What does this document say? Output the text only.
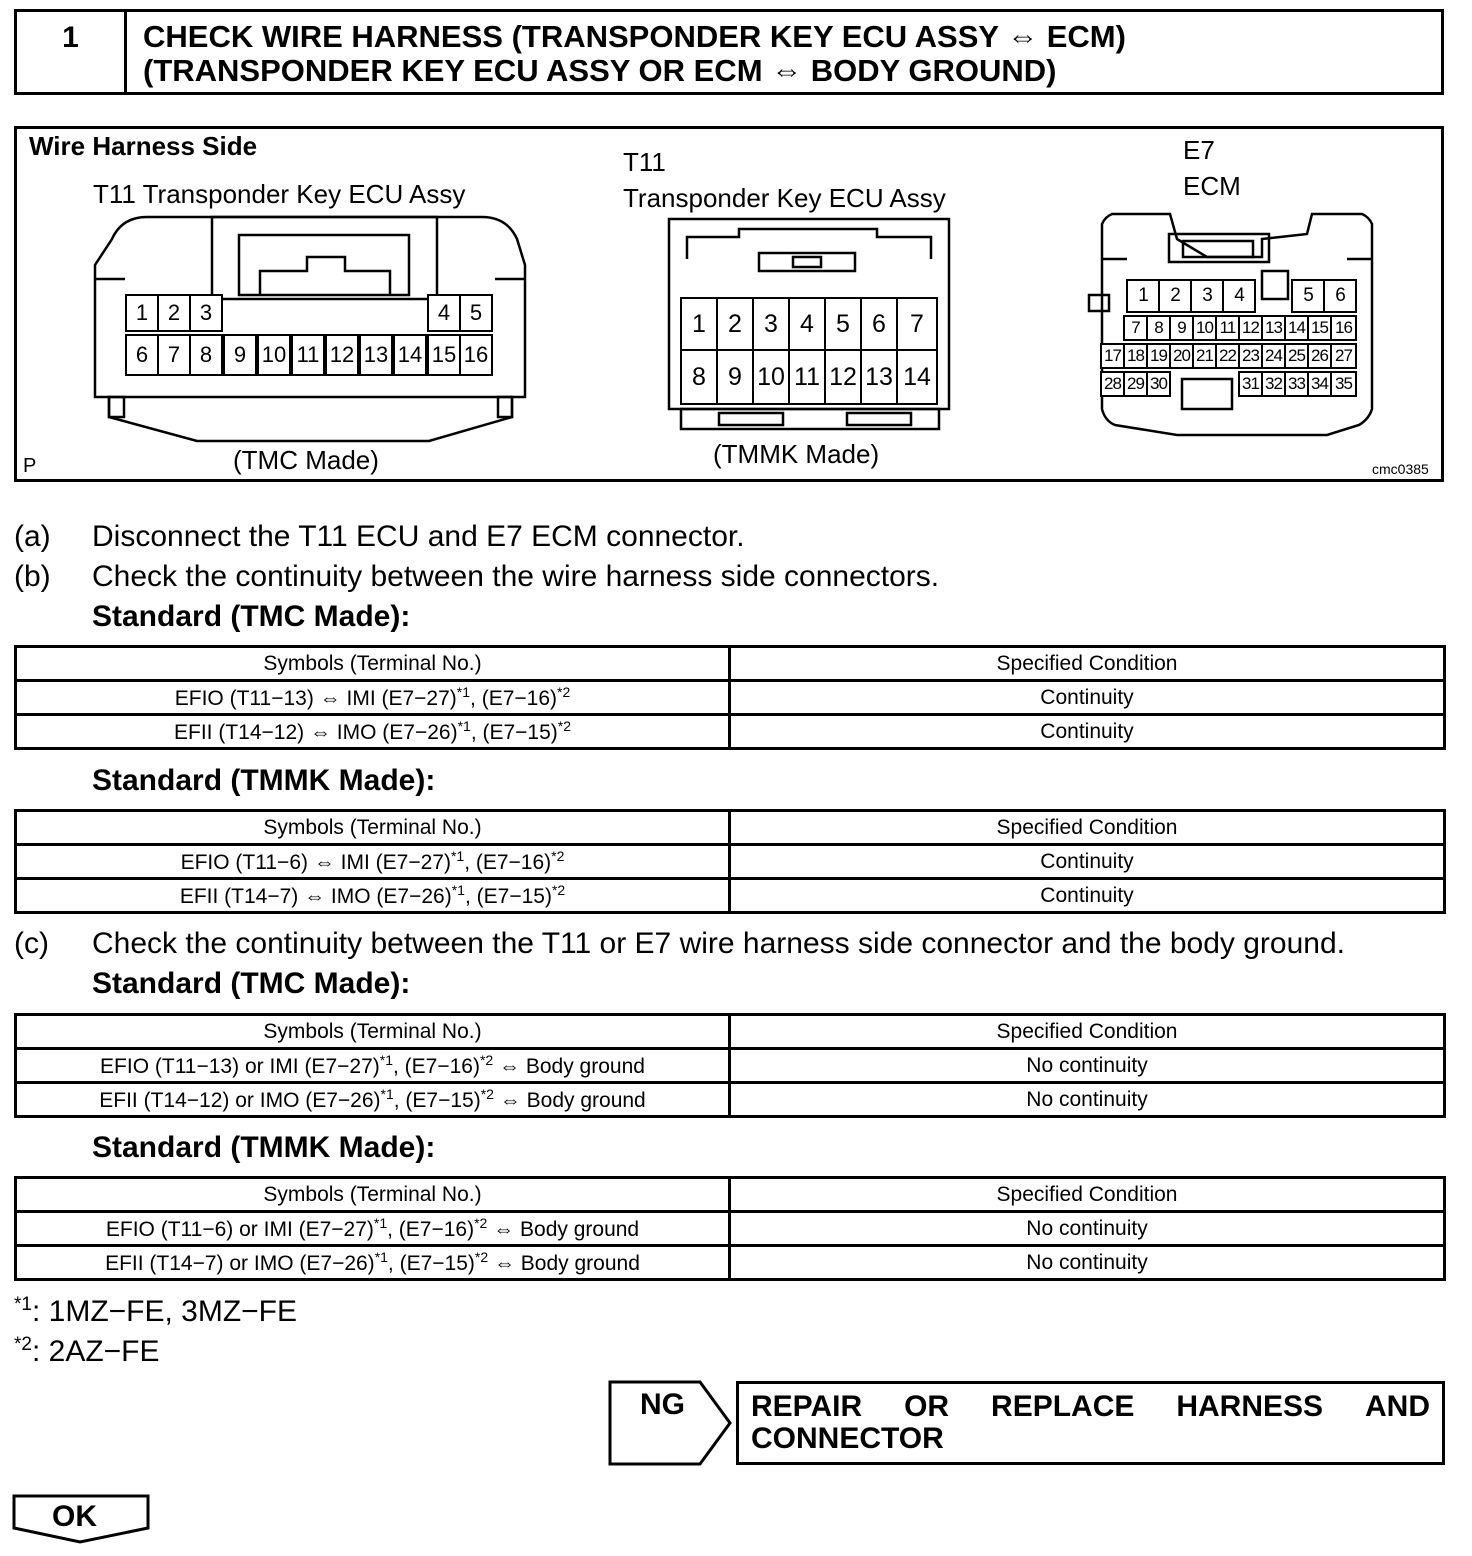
1	CHECK WIRE HARNESS (TRANSPONDER KEY ECU ASSY ⇔ ECM)
(TRANSPONDER KEY ECU ASSY OR ECM ⇔ BODY GROUND)
Wire Harness Side
T11 Transponder Key ECU Assy
T11
Transponder Key ECU Assy
E7
ECM
1 2 3	4 5
6 7 8 9 10 11 12 13 14 15 16
1 2 3 4 5 6 7
8 9 10 11 12 13 14
1	2	3	4	5	6
7 8 9 10 11 12 13 14 15 16
17 18 19 20 21 22 23 24 25 26 27
28 29 30	31 32 33 34 35
(TMC Made)	(TMMK Made)
P	cmc0385
(a) Disconnect the T11 ECU and E7 ECM connector.
(b) Check the continuity between the wire harness side connectors.
Standard (TMC Made):
Symbols (Terminal No.)	Specified Condition
EFIO (T11−13) ⇔ IMI $(E7-27)^{*1}$, $(E7-16)^{*2}$	Continuity
EFII (T14−12) ⇔ IMO $(E7-26)^{*1}$, $(E7-15)^{*2}$	Continuity
Standard (TMMK Made):
Symbols (Terminal No.)	Specified Condition
EFIO (T11−6) ⇔ IMI $(E7-27)^{*1}$, $(E7-16)^{*2}$	Continuity
EFII (T14−7) ⇔ IMO $(E7-26)^{*1}$, $(E7-15)^{*2}$	Continuity
(c) Check the continuity between the T11 or E7 wire harness side connector and the body ground.
Standard (TMC Made):
Symbols (Terminal No.)	Specified Condition
EFIO (T11−13) or IMI $(E7-27)^{*1}$, $(E7-16)^{*2}$ ⇔ Body ground	No continuity
EFII (T14−12) or IMO $(E7-26)^{*1}$, $(E7-15)^{*2}$ ⇔ Body ground	No continuity
Standard (TMMK Made):
Symbols (Terminal No.)	Specified Condition
EFIO (T11−6) or IMI $(E7-27)^{*1}$, $(E7-16)^{*2}$ ⇔ Body ground	No continuity
EFII (T14−7) or IMO $(E7-26)^{*1}$, $(E7-15)^{*2}$ ⇔ Body ground	No continuity
$^{*1}$: 1MZ−FE, 3MZ−FE
$^{*2}$: 2AZ−FE
NG REPAIR OR REPLACE HARNESS AND
CONNECTOR
OK
